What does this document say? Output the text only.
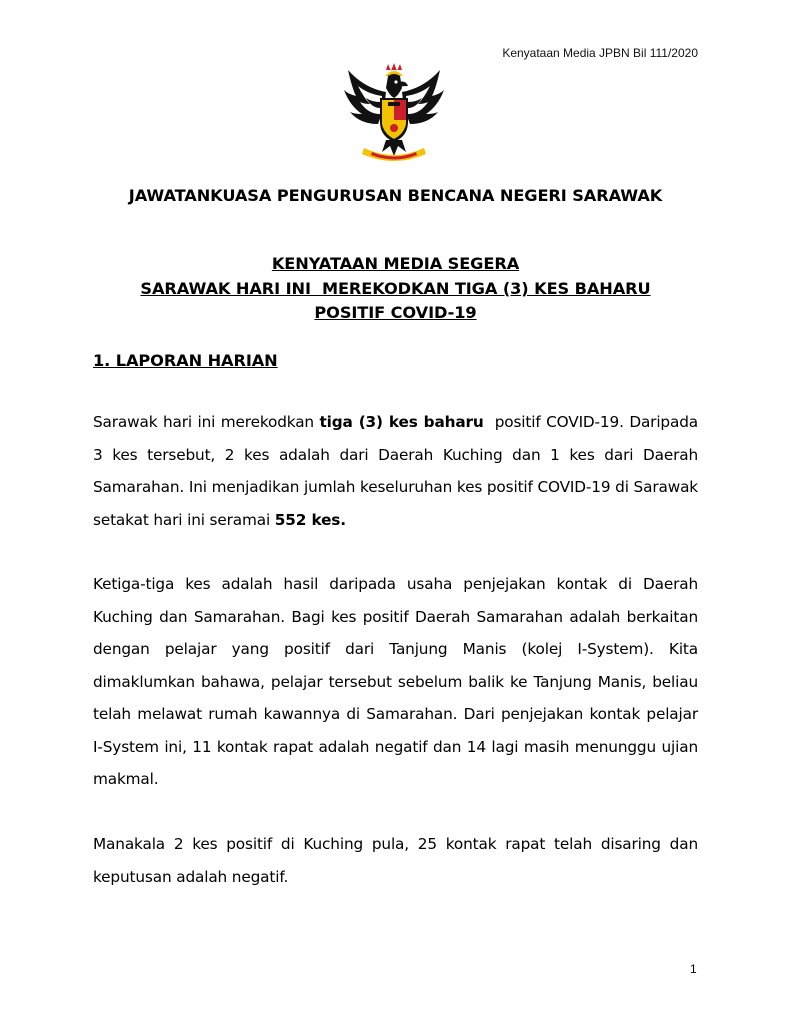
Kenyataan Media JPBN Bil 111/2020
JAWATANKUASA PENGURUSAN BENCANA NEGERI SARAWAK
KENYATAAN MEDIA SEGERA
SARAWAK HARI INI  MEREKODKAN TIGA (3) KES BAHARU
POSITIF COVID-19
1. LAPORAN HARIAN

Sarawak hari ini merekodkan tiga (3) kes baharu  positif COVID-19. Daripada 3 kes tersebut, 2 kes adalah dari Daerah Kuching dan 1 kes dari Daerah Samarahan. Ini menjadikan jumlah keseluruhan kes positif COVID-19 di Sarawak setakat hari ini seramai 552 kes.

Ketiga-tiga kes adalah hasil daripada usaha penjejakan kontak di Daerah Kuching dan Samarahan. Bagi kes positif Daerah Samarahan adalah berkaitan dengan pelajar yang positif dari Tanjung Manis (kolej I-System). Kita dimaklumkan bahawa, pelajar tersebut sebelum balik ke Tanjung Manis, beliau telah melawat rumah kawannya di Samarahan. Dari penjejakan kontak pelajar I-System ini, 11 kontak rapat adalah negatif dan 14 lagi masih menunggu ujian makmal.

Manakala 2 kes positif di Kuching pula, 25 kontak rapat telah disaring dan keputusan adalah negatif.

1
